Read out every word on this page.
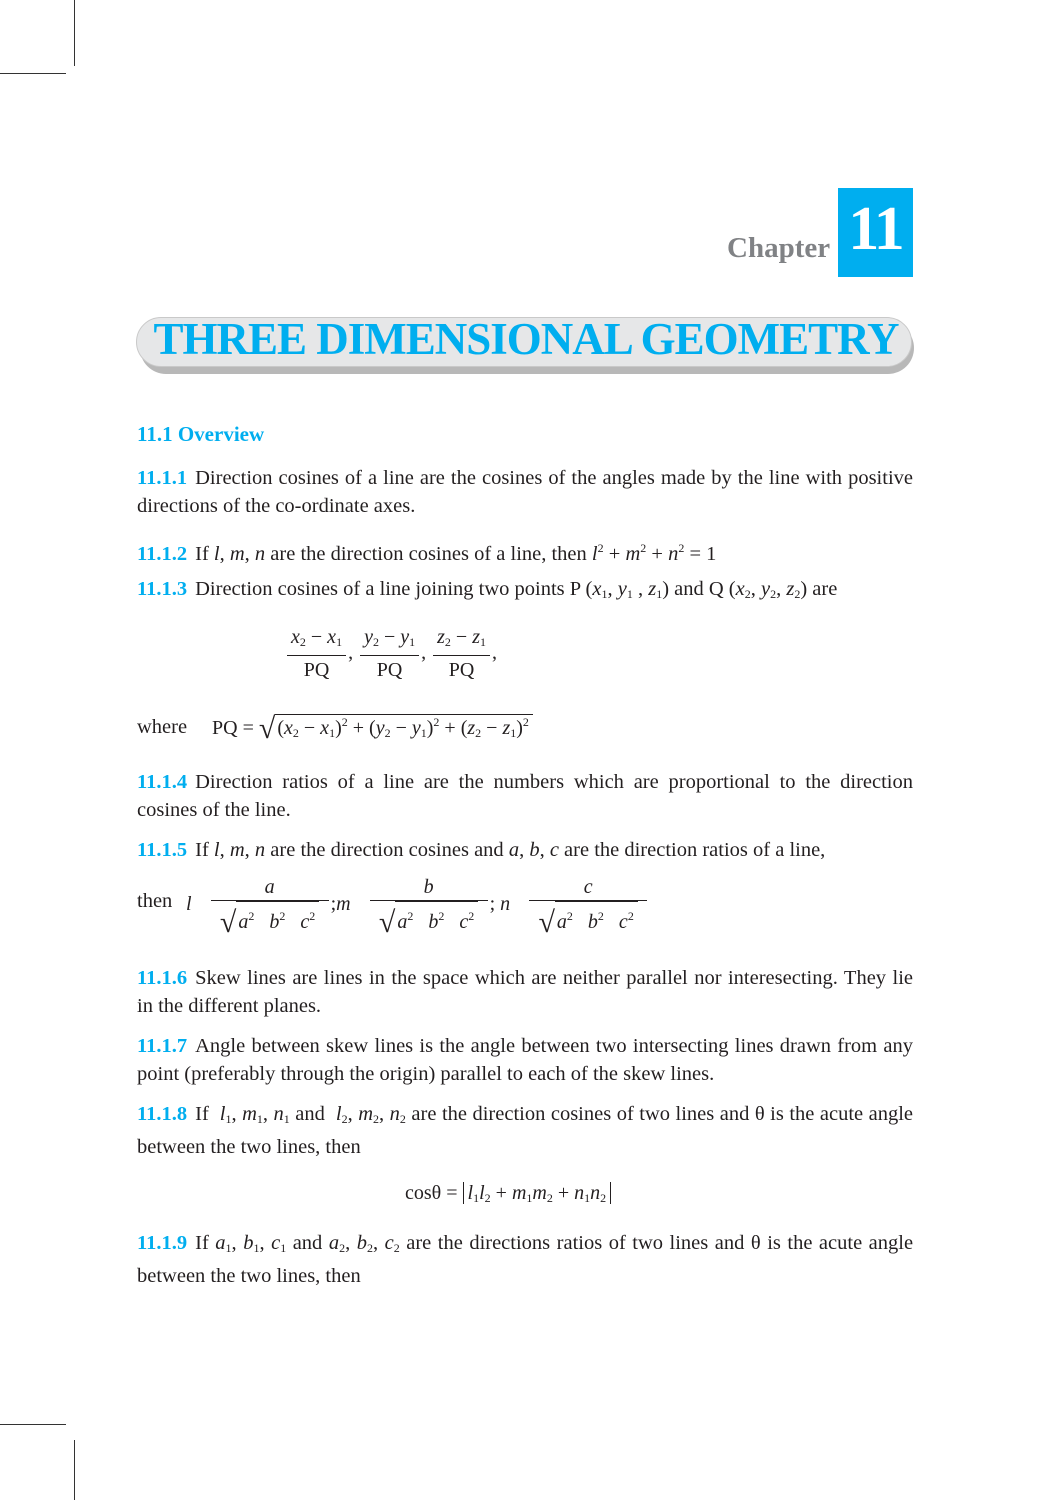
Chapter 11
THREE DIMENSIONAL GEOMETRY
11.1 Overview
11.1.1 Direction cosines of a line are the cosines of the angles made by the line with positive directions of the co-ordinate axes.
11.1.2 If l, m, n are the direction cosines of a line, then $l^2 + m^2 + n^2 = 1$
11.1.3 Direction cosines of a line joining two points P ($x_1$, $y_1$ , $z_1$) and Q ($x_2$, $y_2$, $z_2$) are
$\frac{x_2 - x_1}{PQ}$ , $\frac{y_2 - y_1}{PQ}$ , $\frac{z_2 - z_1}{PQ}$ ,
where PQ = √ $(x_2 - x_1)^2 + (y_2 - y_1)^2 + (z_2 - z_1)^2$
11.1.4 Direction ratios of a line are the numbers which are proportional to the direction cosines of the line.
11.1.5 If l, m, n are the direction cosines and a, b, c are the direction ratios of a line,
then l $\frac{a}{√ a^2 b^2 c^2}$ ;m $\frac{b}{√ a^2 b^2 c^2}$ ; n $\frac{c}{√ a^2 b^2 c^2}$
11.1.6 Skew lines are lines in the space which are neither parallel nor interesecting. They lie in the different planes.
11.1.7 Angle between skew lines is the angle between two intersecting lines drawn from any point (preferably through the origin) parallel to each of the skew lines.
11.1.8 If $l_1$, $m_1$, $n_1$ and $l_2$, $m_2$, $n_2$ are the direction cosines of two lines and θ is the acute angle between the two lines, then
$\cos\theta = l_1l_2 + m_1m_2 + n_1n_2$
11.1.9 If $a_1$, $b_1$, $c_1$ and $a_2$, $b_2$, $c_2$ are the directions ratios of two lines and θ is the acute angle between the two lines, then
